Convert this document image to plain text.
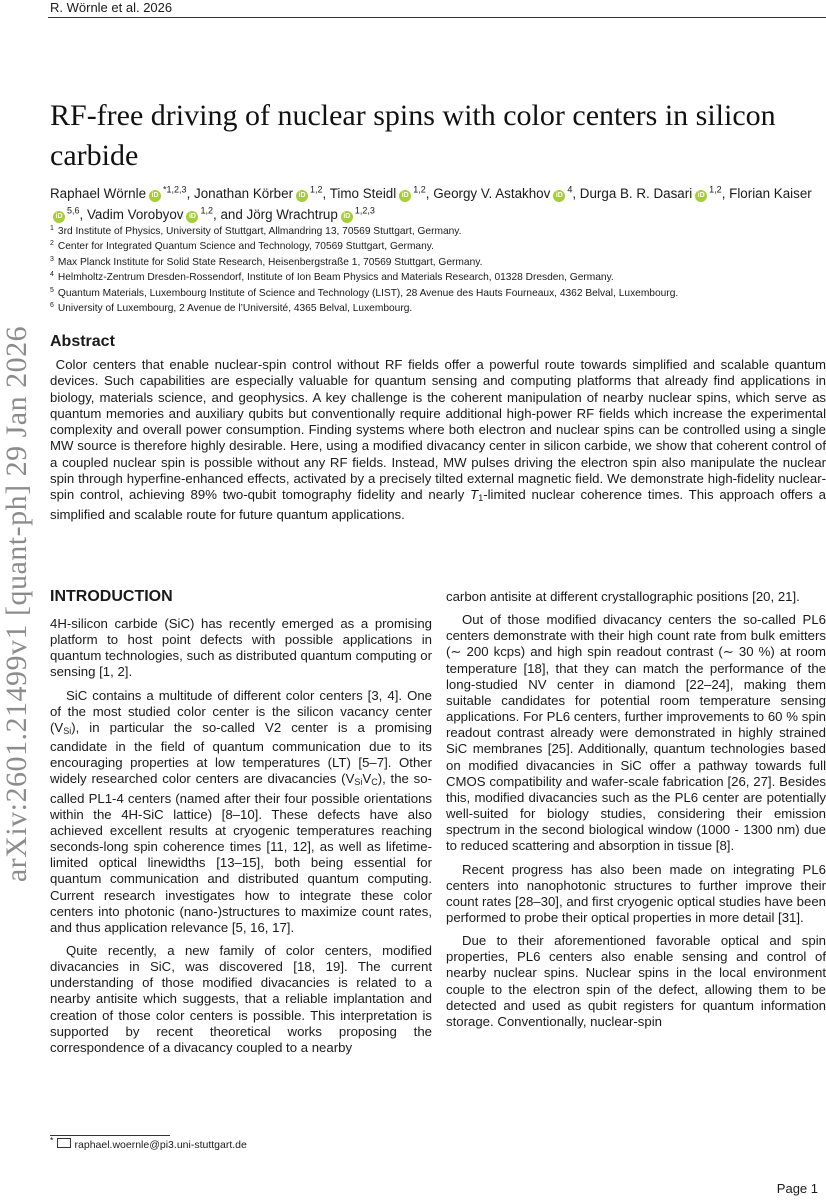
R. Wörnle et al. 2026
arXiv:2601.21499v1 [quant-ph] 29 Jan 2026
RF-free driving of nuclear spins with color centers in silicon carbide
Raphael Wörnle iD$^{*1,2,3}$, Jonathan Körber iD$^{1,2}$, Timo Steidl iD$^{1,2}$, Georgy V. Astakhov $iD^4$, Durga B. R. Dasari iD$^{1,2}$, Florian KaiseriD$^{5,6}$, Vadim Vorobyov iD$^{1,2}$, and Jörg Wrachtrup iD$^{1,2,3}$
$^1$ 3rd Institute of Physics, University of Stuttgart, Allmandring 13, 70569 Stuttgart, Germany.
$^2$ Center for Integrated Quantum Science and Technology, 70569 Stuttgart, Germany.
$^3$ Max Planck Institute for Solid State Research, Heisenbergstraße 1, 70569 Stuttgart, Germany.
$^4$ Helmholtz-Zentrum Dresden-Rossendorf, Institute of Ion Beam Physics and Materials Research, 01328 Dresden, Germany.
$^5$ Quantum Materials, Luxembourg Institute of Science and Technology (LIST), 28 Avenue des Hauts Fourneaux, 4362 Belval, Luxembourg.
$^6$ University of Luxembourg, 2 Avenue de l’Université, 4365 Belval, Luxembourg.
Abstract
Color centers that enable nuclear-spin control without RF fields offer a powerful route towards simplified and scalable quantum devices. Such capabilities are especially valuable for quantum sensing and computing platforms that already find applications in biology, materials science, and geophysics. A key challenge is the coherent manipulation of nearby nuclear spins, which serve as quantum memories and auxiliary qubits but conventionally require additional high-power RF fields which increase the experimental complexity and overall power consumption. Finding systems where both electron and nuclear spins can be controlled using a single MW source is therefore highly desirable. Here, using a modified divacancy center in silicon carbide, we show that coherent control of a coupled nuclear spin is possible without any RF fields. Instead, MW pulses driving the electron spin also manipulate the nuclear spin through hyperfine-enhanced effects, activated by a precisely tilted external magnetic field. We demonstrate high-fidelity nuclear-spin control, achieving 89% two-qubit tomography fidelity and nearly $T_1$-limited nuclear coherence times. This approach offers a simplified and scalable route for future quantum applications.
INTRODUCTION

4H-silicon carbide (SiC) has recently emerged as a promising platform to host point defects with possible applications in quantum technologies, such as distributed quantum computing or sensing [1, 2].

SiC contains a multitude of different color centers [3, 4]. One of the most studied color center is the silicon vacancy center $(V_{Si})$, in particular the so-called V2 center is a promising candidate in the field of quantum communication due to its encouraging properties at low temperatures (LT) [5–7]. Other widely researched color centers are divacancies $(V_{Si}V_C)$, the so-called PL1-4 centers (named after their four possible orientations within the 4H-SiC lattice) [8–10]. These defects have also achieved excellent results at cryogenic temperatures reaching seconds-long spin coherence times [11, 12], as well as lifetime-limited optical linewidths [13–15], both being essential for quantum communication and distributed quantum computing. Current research investigates how to integrate these color centers into photonic (nano-)structures to maximize count rates, and thus application relevance [5, 16, 17].

Quite recently, a new family of color centers, modified divacancies in SiC, was discovered [18, 19]. The current understanding of those modified divacancies is related to a nearby antisite which suggests, that a reliable implantation and creation of those color centers is possible. This interpretation is supported by recent theoretical works proposing the correspondence of a divacancy coupled to a nearby

carbon antisite at different crystallographic positions [20, 21].

Out of those modified divacancy centers the so-called PL6 centers demonstrate with their high count rate from bulk emitters (∼ 200 kcps) and high spin readout contrast (∼ 30 %) at room temperature [18], that they can match the performance of the long-studied NV center in diamond [22–24], making them suitable candidates for potential room temperature sensing applications. For PL6 centers, further improvements to 60 % spin readout contrast already were demonstrated in highly strained SiC membranes [25]. Additionally, quantum technologies based on modified divacancies in SiC offer a pathway towards full CMOS compatibility and wafer-scale fabrication [26, 27]. Besides this, modified divacancies such as the PL6 center are potentially well-suited for biology studies, considering their emission spectrum in the second biological window (1000 - 1300 nm) due to reduced scattering and absorption in tissue [8].

Recent progress has also been made on integrating PL6 centers into nanophotonic structures to further improve their count rates [28–30], and first cryogenic optical studies have been performed to probe their optical properties in more detail [31].

Due to their aforementioned favorable optical and spin properties, PL6 centers also enable sensing and control of nearby nuclear spins. Nuclear spins in the local environment couple to the electron spin of the defect, allowing them to be detected and used as qubit registers for quantum information storage. Conventionally, nuclear-spin

* raphael.woernle@pi3.uni-stuttgart.de
Page 1
